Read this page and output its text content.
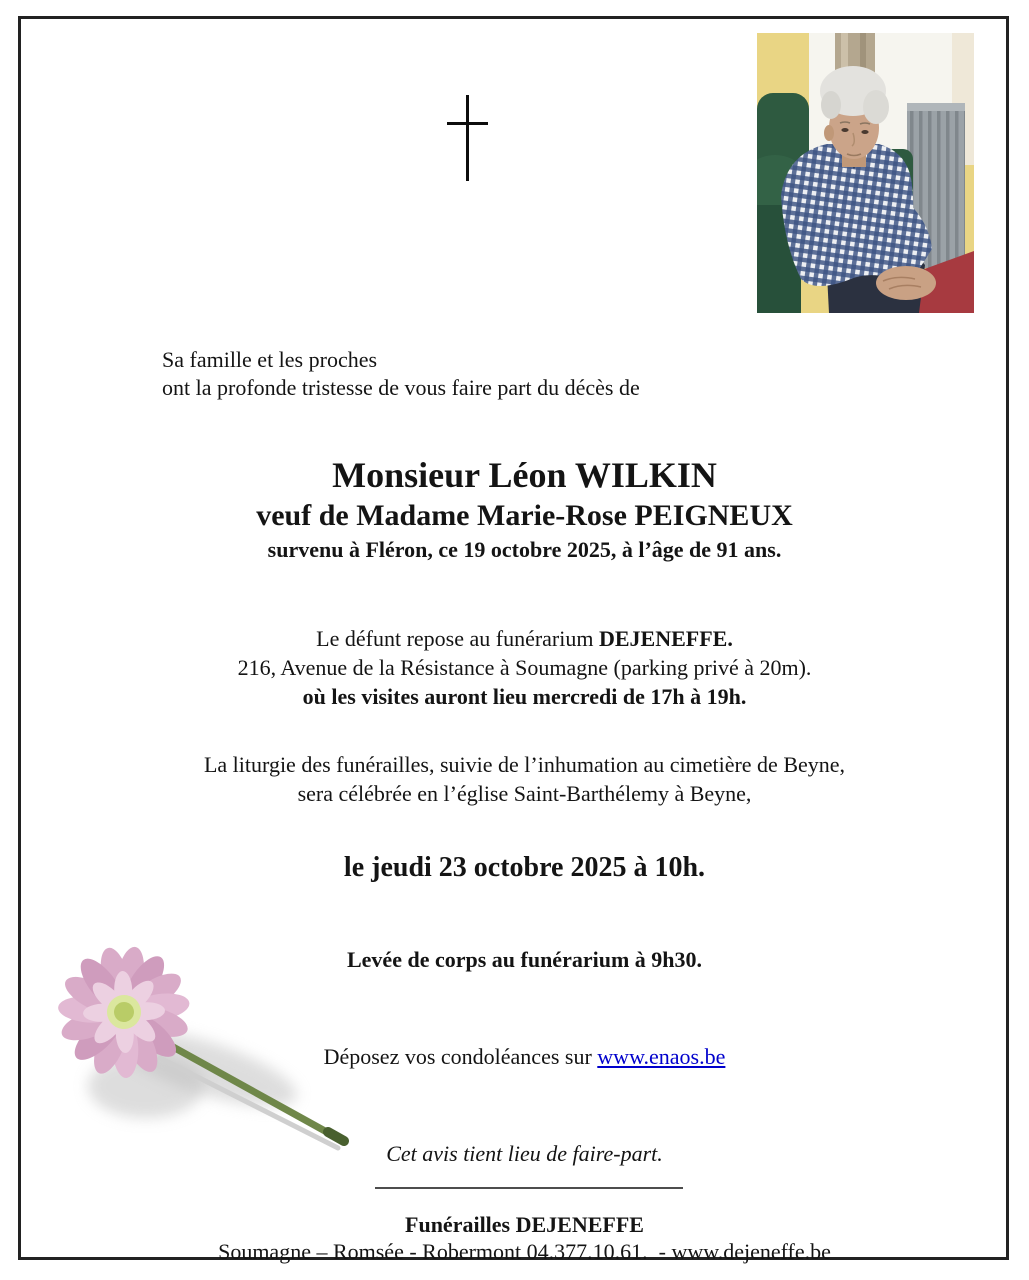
Sa famille et les proches
ont la profonde tristesse de vous faire part du décès de
Monsieur Léon WILKIN
veuf de Madame Marie-Rose PEIGNEUX
survenu à Fléron, ce 19 octobre 2025, à l’âge de 91 ans.
Le défunt repose au funérarium DEJENEFFE.
216, Avenue de la Résistance à Soumagne (parking privé à 20m).
où les visites auront lieu mercredi de 17h à 19h.
La liturgie des funérailles, suivie de l’inhumation au cimetière de Beyne,
sera célébrée en l’église Saint-Barthélemy à Beyne,
le jeudi 23 octobre 2025 à 10h.
Levée de corps au funérarium à 9h30.
Déposez vos condoléances sur www.enaos.be
Cet avis tient lieu de faire-part.
Funérailles DEJENEFFE
Soumagne – Romsée - Robermont 04.377.10.61.  - www.dejeneffe.be
